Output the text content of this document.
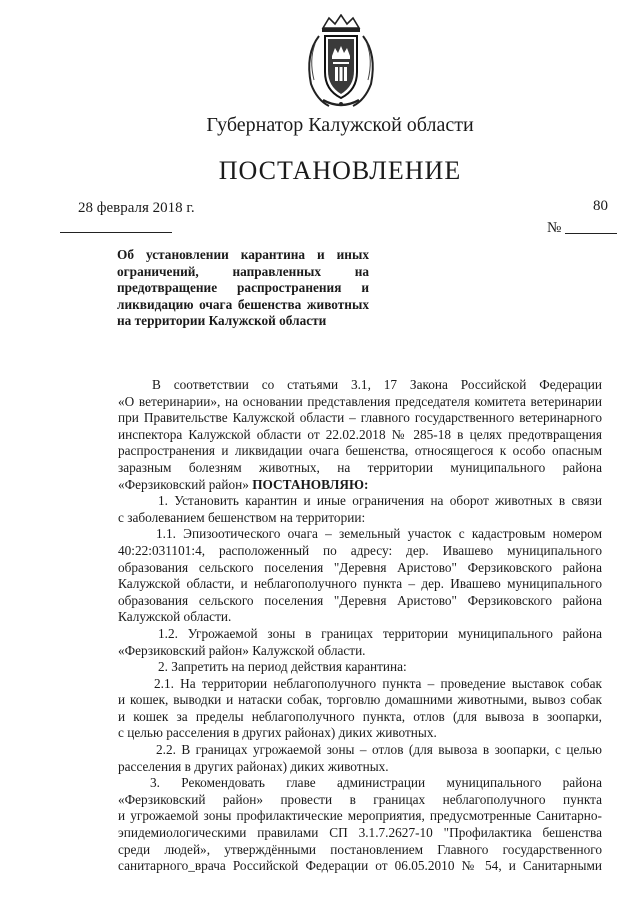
Губернатор Калужской области
ПОСТАНОВЛЕНИЕ
28 февраля 2018 г.	80
№
Об установлении карантина и иных
ограничений, направленных на
предотвращение распространения и
ликвидацию очага бешенства животных
на территории Калужской области
В соответствии со статьями 3.1, 17 Закона Российской Федерации
«О ветеринарии», на основании представления председателя комитета ветеринарии
при Правительстве Калужской области – главного государственного ветеринарного
инспектора Калужской области от 22.02.2018 № 285-18 в целях предотвращения
распространения и ликвидации очага бешенства, относящегося к особо опасным
заразным болезням животных, на территории муниципального района
«Ферзиковский район» ПОСТАНОВЛЯЮ:
1. Установить карантин и иные ограничения на оборот животных в связи
с заболеванием бешенством на территории:
1.1. Эпизоотического очага – земельный участок с кадастровым номером
40:22:031101:4, расположенный по адресу: дер. Ивашево муниципального
образования сельского поселения "Деревня Аристово" Ферзиковского района
Калужской области, и неблагополучного пункта – дер. Ивашево муниципального
образования сельского поселения "Деревня Аристово" Ферзиковского района
Калужской области.
1.2. Угрожаемой зоны в границах территории муниципального района
«Ферзиковский район» Калужской области.
2. Запретить на период действия карантина:
2.1. На территории неблагополучного пункта – проведение выставок собак
и кошек, выводки и натаски собак, торговлю домашними животными, вывоз собак
и кошек за пределы неблагополучного пункта, отлов (для вывоза в зоопарки,
с целью расселения в других районах) диких животных.
2.2. В границах угрожаемой зоны – отлов (для вывоза в зоопарки, с целью
расселения в других районах) диких животных.
3. Рекомендовать главе администрации муниципального района
«Ферзиковский район» провести в границах неблагополучного пункта
и угрожаемой зоны профилактические мероприятия, предусмотренные Санитарно-
эпидемиологическими правилами СП 3.1.7.2627-10 "Профилактика бешенства
среди людей», утверждёнными постановлением Главного государственного
санитарного_врача Российской Федерации от 06.05.2010 № 54, и Санитарными
